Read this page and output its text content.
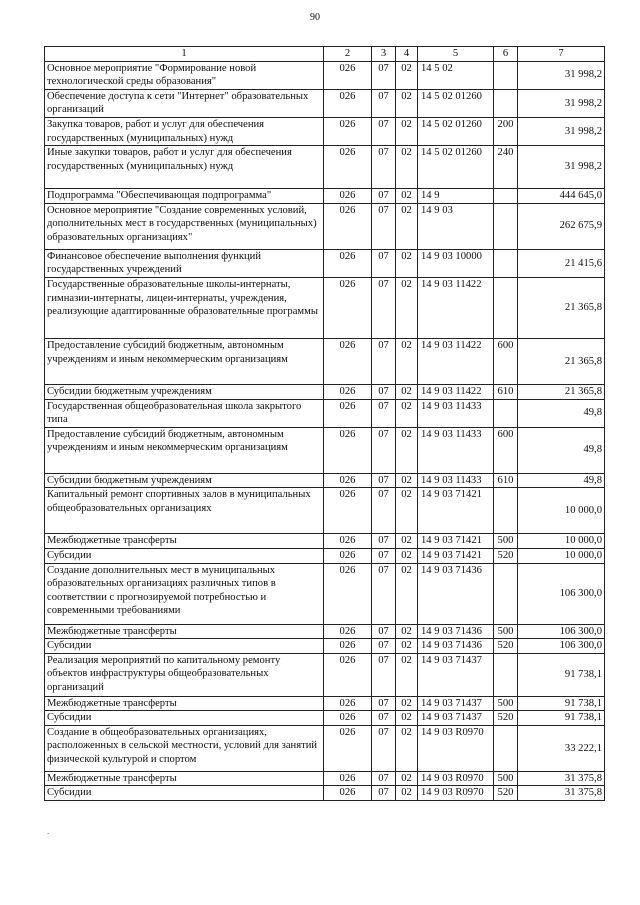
90
1	2	3	4	5	6	7
Основное мероприятие "Формирование новой технологической среды образования"	026	07	02	14 5 02		31 998,2
Обеспечение доступа к сети "Интернет" образовательных организаций	026	07	02	14 5 02 01260		31 998,2
Закупка товаров, работ и услуг для обеспечения государственных (муниципальных) нужд	026	07	02	14 5 02 01260	200	31 998,2
Иные закупки товаров, работ и услуг для обеспечения государственных (муниципальных) нужд	026	07	02	14 5 02 01260	240	31 998,2
Подпрограмма "Обеспечивающая подпрограмма"	026	07	02	14 9		444 645,0
Основное мероприятие "Создание современных условий, дополнительных мест в государственных (муниципальных) образовательных организациях"	026	07	02	14 9 03		262 675,9
Финансовое обеспечение выполнения функций государственных учреждений	026	07	02	14 9 03 10000		21 415,6
Государственные образовательные школы-интернаты, гимназии-интернаты, лицеи-интернаты, учреждения, реализующие адаптированные образовательные программы	026	07	02	14 9 03 11422		21 365,8
Предоставление субсидий бюджетным, автономным учреждениям и иным некоммерческим организациям	026	07	02	14 9 03 11422	600	21 365,8
Субсидии бюджетным учреждениям	026	07	02	14 9 03 11422	610	21 365,8
Государственная общеобразовательная школа закрытого типа	026	07	02	14 9 03 11433		49,8
Предоставление субсидий бюджетным, автономным учреждениям и иным некоммерческим организациям	026	07	02	14 9 03 11433	600	49,8
Субсидии бюджетным учреждениям	026	07	02	14 9 03 11433	610	49,8
Капитальный ремонт спортивных залов в муниципальных общеобразовательных организациях	026	07	02	14 9 03 71421		10 000,0
Межбюджетные трансферты	026	07	02	14 9 03 71421	500	10 000,0
Субсидии	026	07	02	14 9 03 71421	520	10 000,0
Создание дополнительных мест в муниципальных образовательных организациях различных типов в соответствии с прогнозируемой потребностью и современными требованиями	026	07	02	14 9 03 71436		106 300,0
Межбюджетные трансферты	026	07	02	14 9 03 71436	500	106 300,0
Субсидии	026	07	02	14 9 03 71436	520	106 300,0
Реализация мероприятий по капитальному ремонту объектов инфраструктуры общеобразовательных организаций	026	07	02	14 9 03 71437		91 738,1
Межбюджетные трансферты	026	07	02	14 9 03 71437	500	91 738,1
Субсидии	026	07	02	14 9 03 71437	520	91 738,1
Создание в общеобразовательных организациях, расположенных в сельской местности, условий для занятий физической культурой и спортом	026	07	02	14 9 03 R0970		33 222,1
Межбюджетные трансферты	026	07	02	14 9 03 R0970	500	31 375,8
Субсидии	026	07	02	14 9 03 R0970	520	31 375,8
.
